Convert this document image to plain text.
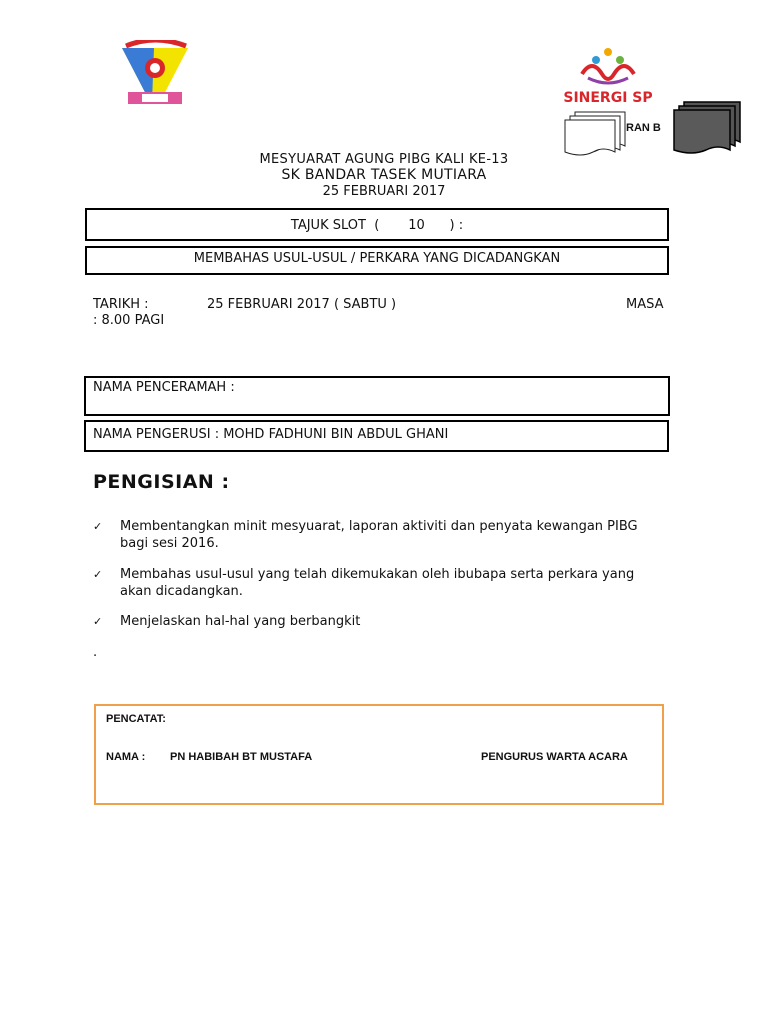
SINERGI SP
RAN B
MESYUARAT AGUNG PIBG KALI KE-13
SK BANDAR TASEK MUTIARA
25 FEBRUARI 2017
TAJUK SLOT  (       10      ) :
MEMBAHAS USUL-USUL / PERKARA YANG DICADANGKAN
TARIKH :	25 FEBRUARI 2017 ( SABTU )	MASA
: 8.00 PAGI
NAMA PENCERAMAH :
NAMA PENGERUSI : MOHD FADHUNI BIN ABDUL GHANI
PENGISIAN :
✓	Membentangkan minit mesyuarat, laporan aktiviti dan penyata kewangan PIBG bagi sesi 2016.
✓	Membahas usul-usul yang telah dikemukakan oleh ibubapa serta perkara yang akan dicadangkan.
✓	Menjelaskan hal-hal yang berbangkit
.
PENCATAT:
NAMA : PN HABIBAH BT MUSTAFA	PENGURUS WARTA ACARA
